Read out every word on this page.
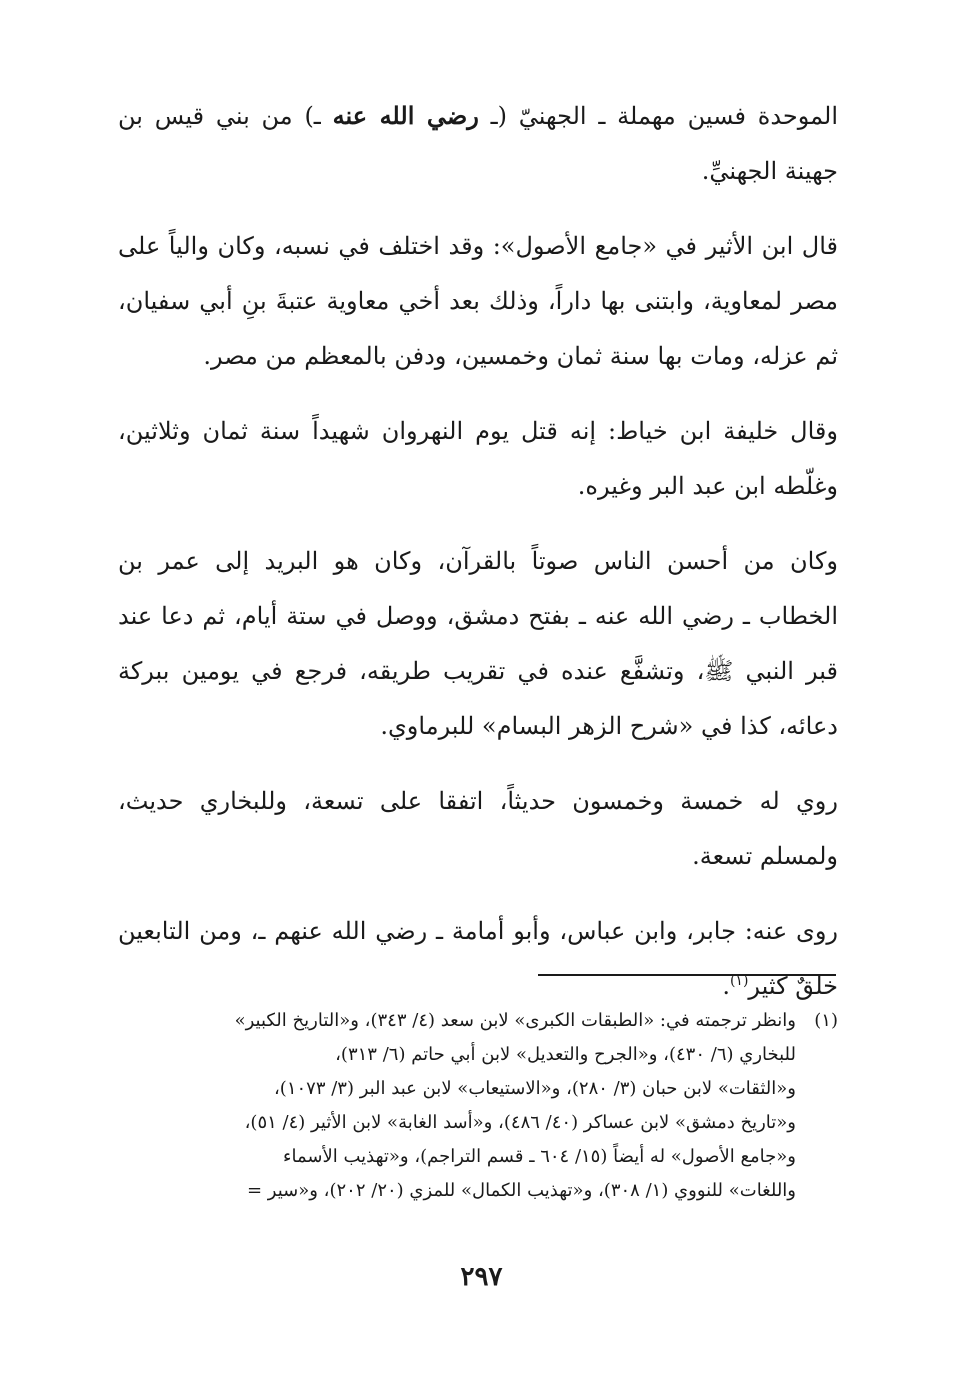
الموحدة فسين مهملة ـ الجهنيّ (ـ رضي الله عنه ـ) من بني قيس بن جهينة الجهنيِّ.

قال ابن الأثير في «جامع الأصول»: وقد اختلف في نسبه، وكان والياً على مصر لمعاوية، وابتنى بها داراً، وذلك بعد أخي معاوية عتبةَ بنِ أبي سفيان، ثم عزله، ومات بها سنة ثمان وخمسين، ودفن بالمعظم من مصر.

وقال خليفة ابن خياط: إنه قتل يوم النهروان شهيداً سنة ثمان وثلاثين، وغلّطه ابن عبد البر وغيره.

وكان من أحسن الناس صوتاً بالقرآن، وكان هو البريد إلى عمر بن الخطاب ـ رضي الله عنه ـ بفتح دمشق، ووصل في ستة أيام، ثم دعا عند قبر النبي ﷺ، وتشفَّع عنده في تقريب طريقه، فرجع في يومين ببركة دعائه، كذا في «شرح الزهر البسام» للبرماوي.

روي له خمسة وخمسون حديثاً، اتفقا على تسعة، وللبخاري حديث، ولمسلم تسعة.

روى عنه: جابر، وابن عباس، وأبو أمامة ـ رضي الله عنهم ـ، ومن التابعين خلقٌ كثير$^{(١)}$.

(١)
وانظر ترجمته في: «الطبقات الكبرى» لابن سعد (٤/ ٣٤٣)، و«التاريخ الكبير»
للبخاري (٦/ ٤٣٠)، و«الجرح والتعديل» لابن أبي حاتم (٦/ ٣١٣)،
و«الثقات» لابن حبان (٣/ ٢٨٠)، و«الاستيعاب» لابن عبد البر (٣/ ١٠٧٣)،
و«تاريخ دمشق» لابن عساكر (٤٠/ ٤٨٦)، و«أسد الغابة» لابن الأثير (٤/ ٥١)،
و«جامع الأصول» له أيضاً (١٥/ ٦٠٤ ـ قسم التراجم)، و«تهذيب الأسماء
واللغات» للنووي (١/ ٣٠٨)، و«تهذيب الكمال» للمزي (٢٠/ ٢٠٢)، و«سير =
٢٩٧
